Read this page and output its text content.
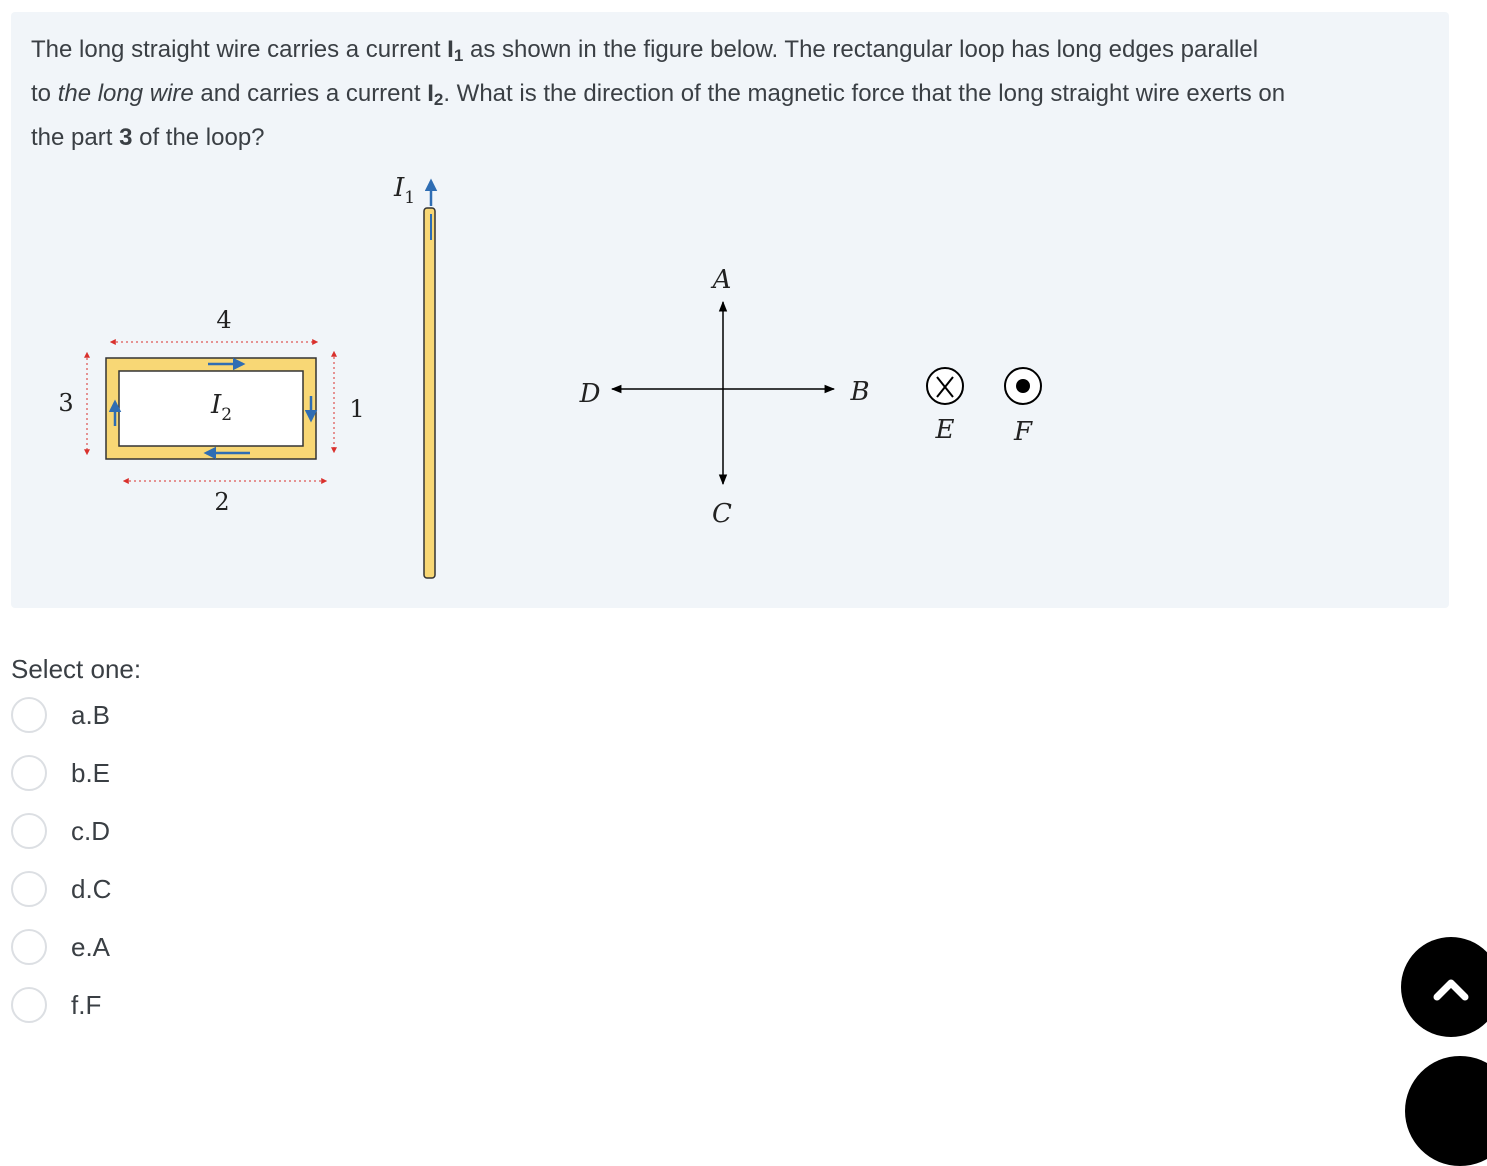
The long straight wire carries a current $I_1$ as shown in the figure below. The rectangular loop has long edges parallel
to the long wire and carries a current $I_2$. What is the direction of the magnetic force that the long straight wire exerts on
the part 3 of the loop?
$I_1$
$I_2$
4
2
3	1
A
C
D	B
E F
Select one:
a.B
b.E
c.D
d.C
e.A
f.F
